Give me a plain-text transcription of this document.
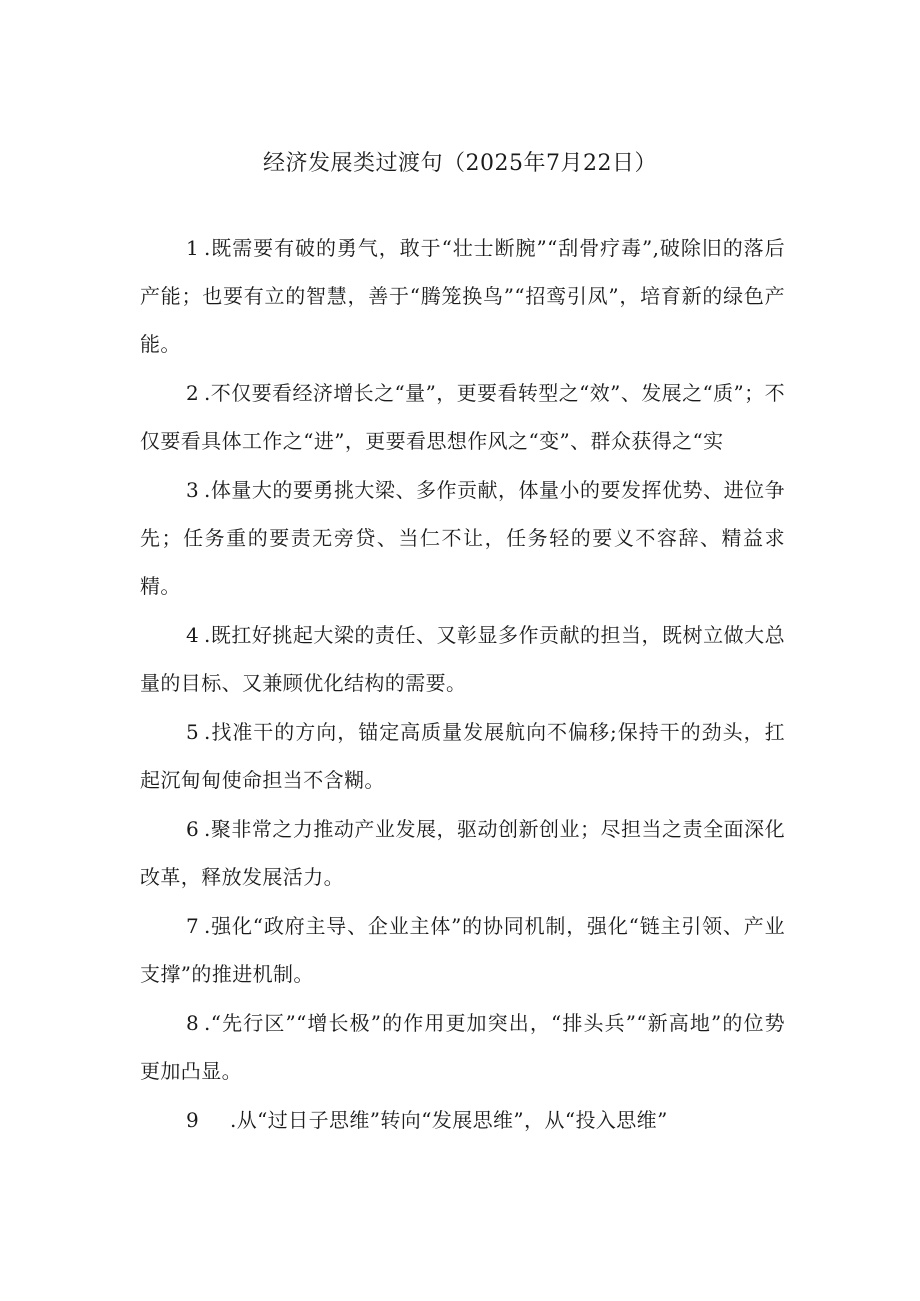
经济发展类过渡句（2025年7月22日）

1 .既需要有破的勇气，敢于“壮士断腕”“刮骨疗毒”,破除旧的落后产能；也要有立的智慧，善于“腾笼换鸟”“招鸾引凤”，培育新的绿色产能。

2 .不仅要看经济增长之“量”，更要看转型之“效”、发展之“质”；不仅要看具体工作之“进”，更要看思想作风之“变”、群众获得之“实

3 .体量大的要勇挑大梁、多作贡献，体量小的要发挥优势、进位争先；任务重的要责无旁贷、当仁不让，任务轻的要义不容辞、精益求精。

4 .既扛好挑起大梁的责任、又彰显多作贡献的担当，既树立做大总量的目标、又兼顾优化结构的需要。

5 .找准干的方向，锚定高质量发展航向不偏移;保持干的劲头，扛起沉甸甸使命担当不含糊。

6 .聚非常之力推动产业发展，驱动创新创业；尽担当之责全面深化改革，释放发展活力。

7 .强化“政府主导、企业主体”的协同机制，强化“链主引领、产业支撑”的推进机制。

8 .“先行区”“增长极”的作用更加突出，“排头兵”“新高地”的位势更加凸显。

9 .从“过日子思维”转向“发展思维”，从“投入思维”
